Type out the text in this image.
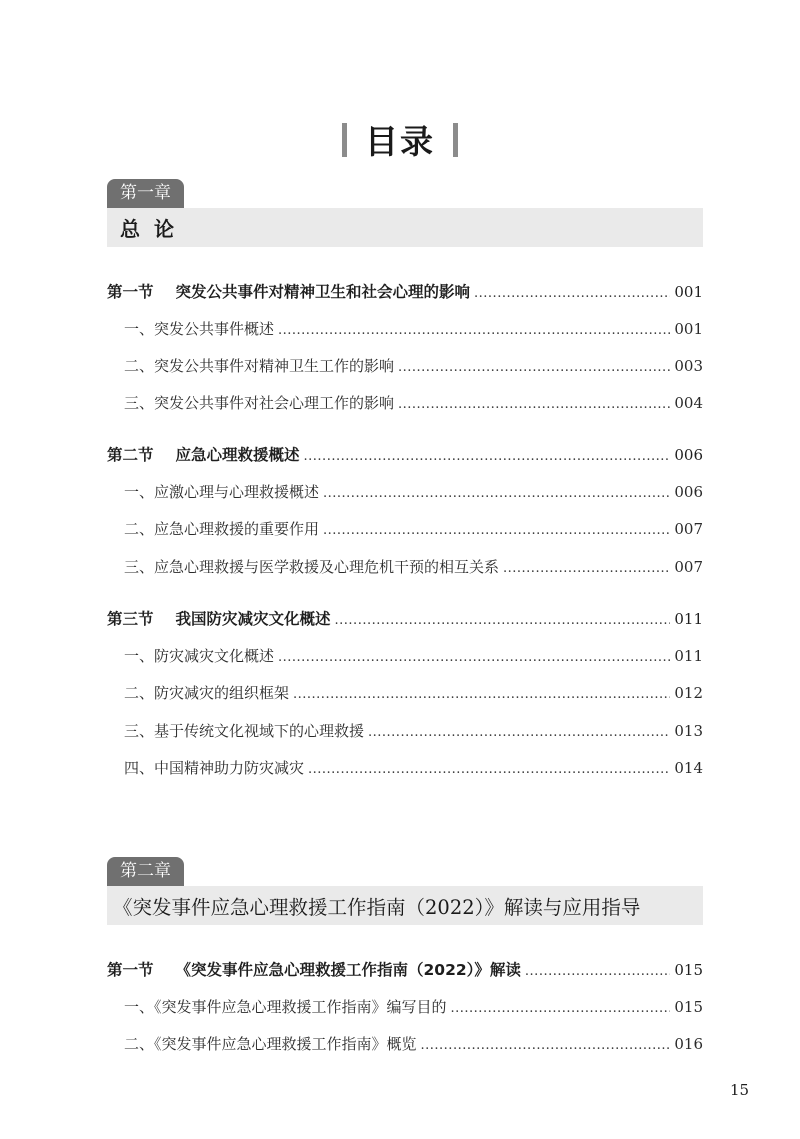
目录
第一章
总论
第一节 突发公共事件对精神卫生和社会心理的影响 .....	001
一、突发公共事件概述 .....	001
二、突发公共事件对精神卫生工作的影响 .....	003
三、突发公共事件对社会心理工作的影响 .....	004
第二节 应急心理救援概述 .....	006
一、应激心理与心理救援概述 .....	006
二、应急心理救援的重要作用 .....	007
三、应急心理救援与医学救援及心理危机干预的相互关系 .....	007
第三节 我国防灾减灾文化概述 .....	011
一、防灾减灾文化概述 .....	011
二、防灾减灾的组织框架 .....	012
三、基于传统文化视域下的心理救援 .....	013
四、中国精神助力防灾减灾 .....	014
第二章
《突发事件应急心理救援工作指南（2022）》解读与应用指导
第一节 《突发事件应急心理救援工作指南（2022）》解读 .....	015
一、《突发事件应急心理救援工作指南》编写目的 .....	015
二、《突发事件应急心理救援工作指南》概览 .....	016
15
